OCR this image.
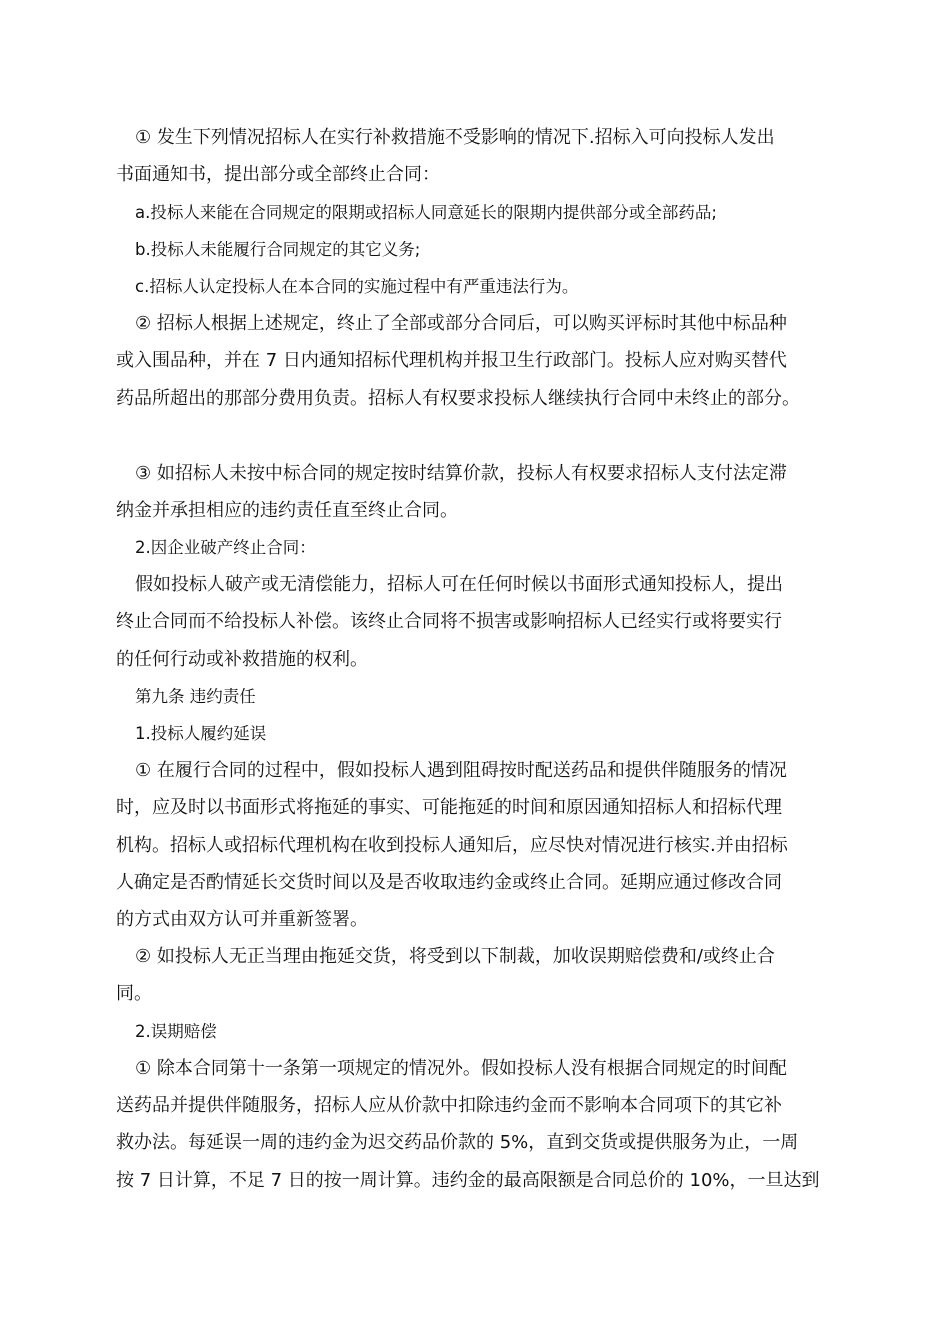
① 发生下列情况招标人在实行补救措施不受影响的情况下.招标入可向投标人发出
书面通知书，提出部分或全部终止合同：
a.投标人来能在合同规定的限期或招标人同意延长的限期内提供部分或全部药品;
b.投标人未能履行合同规定的其它义务;
c.招标人认定投标人在本合同的实施过程中有严重违法行为。
② 招标人根据上述规定，终止了全部或部分合同后，可以购买评标时其他中标品种
或入围品种，并在 7 日内通知招标代理机构并报卫生行政部门。投标人应对购买替代
药品所超出的那部分费用负责。招标人有权要求投标人继续执行合同中未终止的部分。
③ 如招标人未按中标合同的规定按时结算价款，投标人有权要求招标人支付法定滞
纳金并承担相应的违约责任直至终止合同。
2.因企业破产终止合同：
假如投标人破产或无清偿能力，招标人可在任何时候以书面形式通知投标人，提出
终止合同而不给投标人补偿。该终止合同将不损害或影响招标人已经实行或将要实行
的任何行动或补救措施的权利。
第九条 违约责任
1.投标人履约延误
① 在履行合同的过程中，假如投标人遇到阻碍按时配送药品和提供伴随服务的情况
时，应及时以书面形式将拖延的事实、可能拖延的时间和原因通知招标人和招标代理
机构。招标人或招标代理机构在收到投标人通知后，应尽快对情况进行核实.并由招标
人确定是否酌情延长交货时间以及是否收取违约金或终止合同。延期应通过修改合同
的方式由双方认可并重新签署。
② 如投标人无正当理由拖延交货，将受到以下制裁，加收误期赔偿费和/或终止合
同。
2.误期赔偿
① 除本合同第十一条第一项规定的情况外。假如投标人没有根据合同规定的时间配
送药品并提供伴随服务，招标人应从价款中扣除违约金而不影响本合同项下的其它补
救办法。每延误一周的违约金为迟交药品价款的 5%，直到交货或提供服务为止，一周
按 7 日计算，不足 7 日的按一周计算。违约金的最高限额是合同总价的 10%，一旦达到
